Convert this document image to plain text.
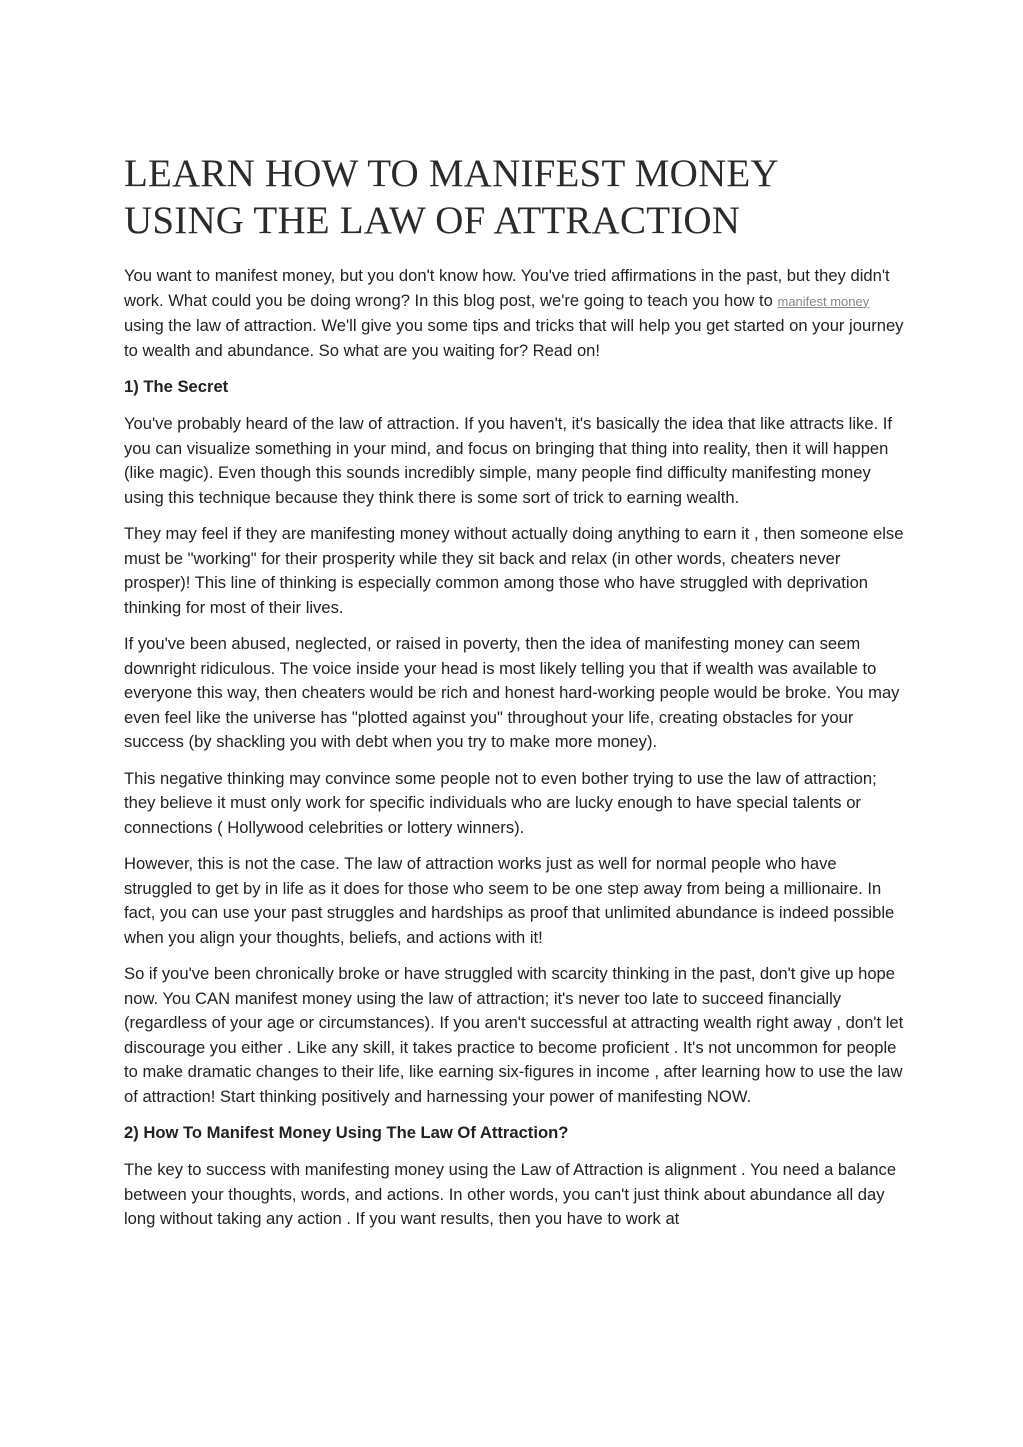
LEARN HOW TO MANIFEST MONEY USING THE LAW OF ATTRACTION

You want to manifest money, but you don't know how. You've tried affirmations in the past, but they didn't work. What could you be doing wrong? In this blog post, we're going to teach you how to manifest money using the law of attraction. We'll give you some tips and tricks that will help you get started on your journey to wealth and abundance. So what are you waiting for? Read on!

1) The Secret

You've probably heard of the law of attraction. If you haven't, it's basically the idea that like attracts like. If you can visualize something in your mind, and focus on bringing that thing into reality, then it will happen (like magic). Even though this sounds incredibly simple, many people find difficulty manifesting money using this technique because they think there is some sort of trick to earning wealth.

They may feel if they are manifesting money without actually doing anything to earn it , then someone else must be "working" for their prosperity while they sit back and relax (in other words, cheaters never prosper)! This line of thinking is especially common among those who have struggled with deprivation thinking for most of their lives.

If you've been abused, neglected, or raised in poverty, then the idea of manifesting money can seem downright ridiculous. The voice inside your head is most likely telling you that if wealth was available to everyone this way, then cheaters would be rich and honest hard-working people would be broke. You may even feel like the universe has "plotted against you" throughout your life, creating obstacles for your success (by shackling you with debt when you try to make more money).

This negative thinking may convince some people not to even bother trying to use the law of attraction; they believe it must only work for specific individuals who are lucky enough to have special talents or connections ( Hollywood celebrities or lottery winners).

However, this is not the case. The law of attraction works just as well for normal people who have struggled to get by in life as it does for those who seem to be one step away from being a millionaire. In fact, you can use your past struggles and hardships as proof that unlimited abundance is indeed possible when you align your thoughts, beliefs, and actions with it!

So if you've been chronically broke or have struggled with scarcity thinking in the past, don't give up hope now. You CAN manifest money using the law of attraction; it's never too late to succeed financially (regardless of your age or circumstances). If you aren't successful at attracting wealth right away , don't let discourage you either . Like any skill, it takes practice to become proficient . It's not uncommon for people to make dramatic changes to their life, like earning six-figures in income , after learning how to use the law of attraction! Start thinking positively and harnessing your power of manifesting NOW.

2) How To Manifest Money Using The Law Of Attraction?

The key to success with manifesting money using the Law of Attraction is alignment . You need a balance between your thoughts, words, and actions. In other words, you can't just think about abundance all day long without taking any action . If you want results, then you have to work at
